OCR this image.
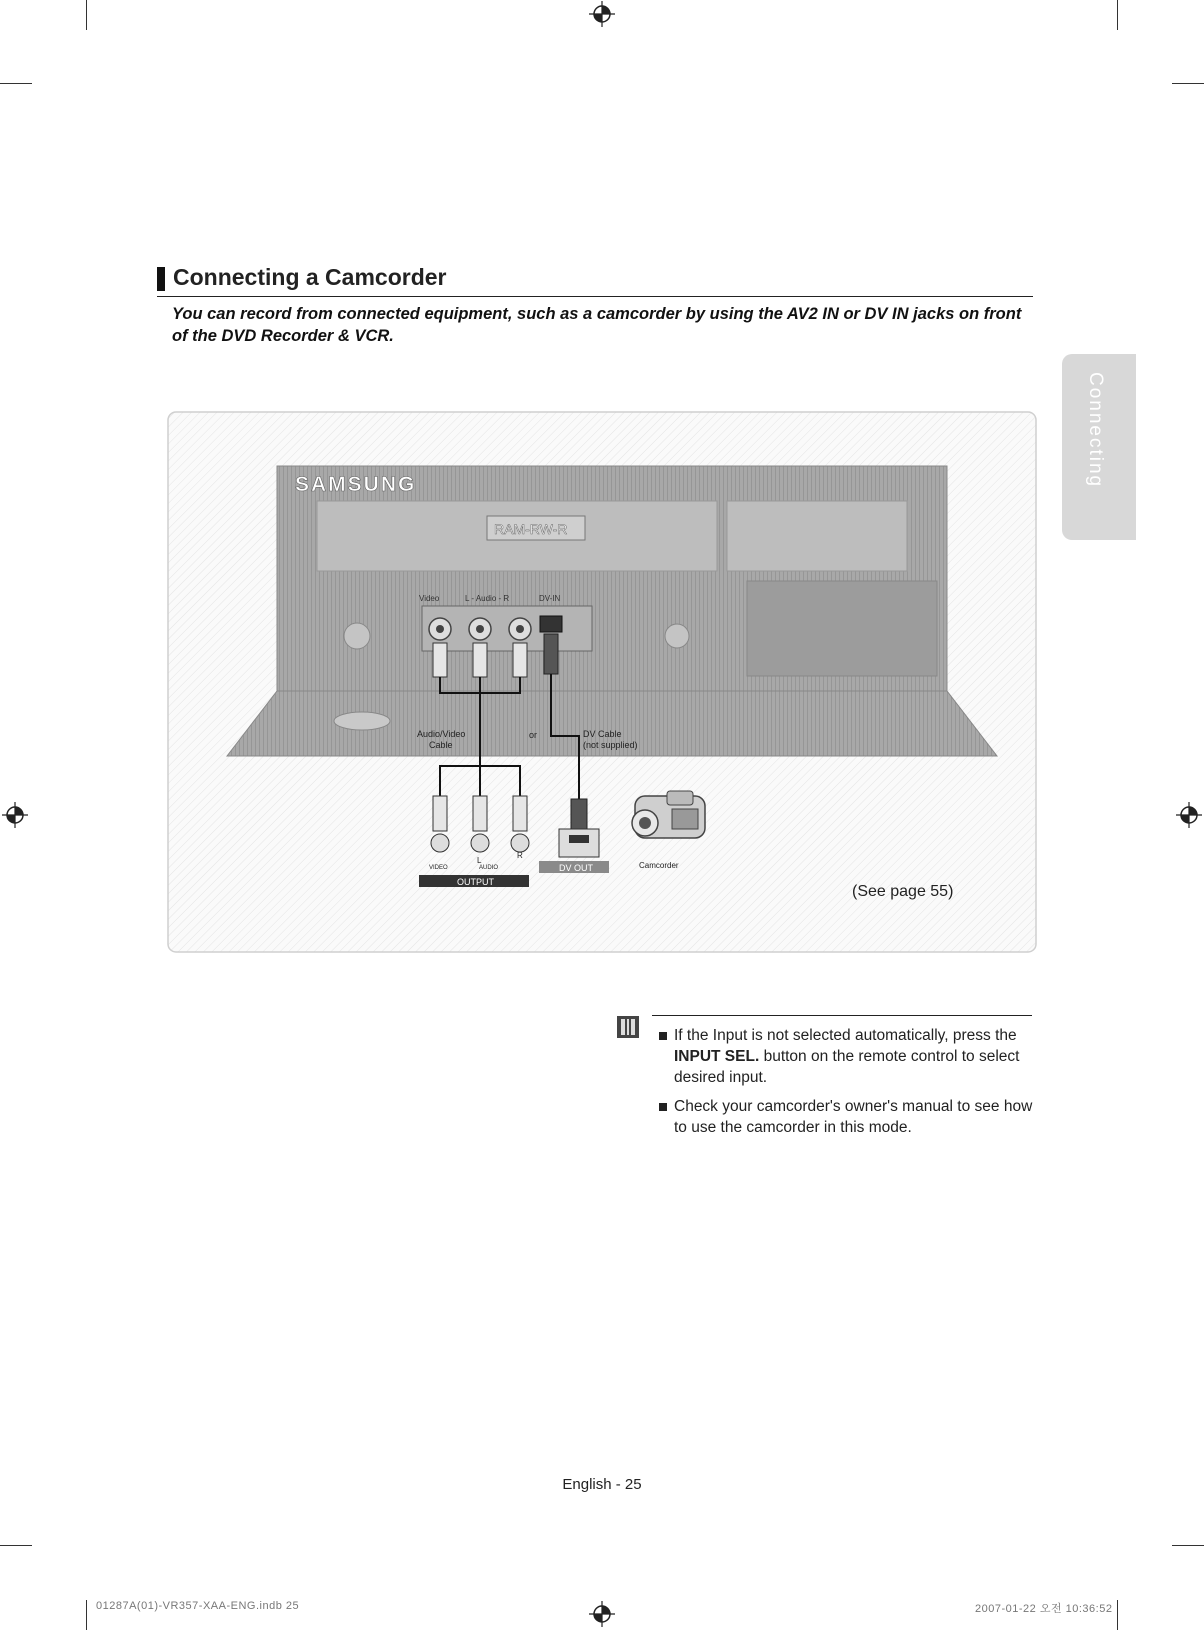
Connecting a Camcorder
You can record from connected equipment, such as a camcorder by using the AV2 IN or DV IN jacks on front of the DVD Recorder & VCR.
Connecting
SAMSUNG
RAM-RW-R
Video	L - Audio - R	DV-IN
Audio/Video
Cable
or	DV Cable
(not supplied)
L
R
VIDEO	AUDIO
OUTPUT
DV OUT	Camcorder
(See page 55)
If the Input is not selected automatically, press the INPUT SEL. button on the remote control to select desired input.
Check your camcorder's owner's manual to see how to use the camcorder in this mode.
English - 25
01287A(01)-VR357-XAA-ENG.indb 25	2007-01-22 오전 10:36:52
